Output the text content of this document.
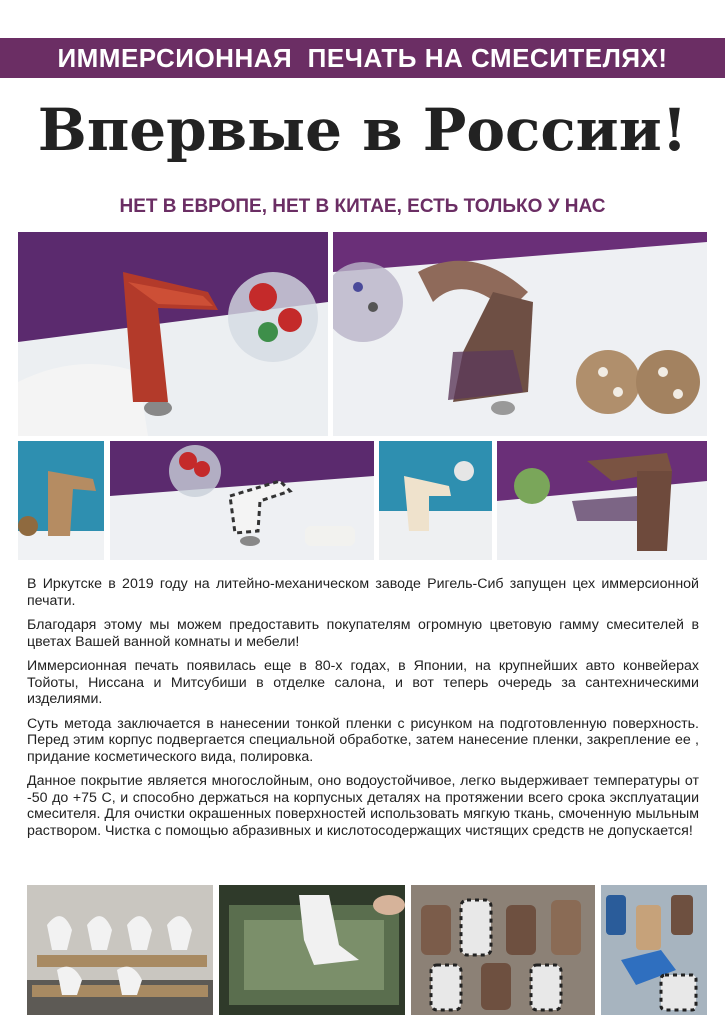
ИММЕРСИОННАЯ  ПЕЧАТЬ НА СМЕСИТЕЛЯХ!
Впервые в России!
НЕТ В ЕВРОПЕ, НЕТ В КИТАЕ, ЕСТЬ ТОЛЬКО У НАС

В Иркутске в 2019 году на литейно-механическом заводе Ригель-Сиб запущен цех иммерсионной печати.

Благодаря этому мы можем предоставить покупателям огромную цветовую гамму смесителей в цветах Вашей ванной комнаты и мебели!

Иммерсионная печать появилась еще в 80-х годах, в Японии, на крупнейших авто конвейерах Тойоты, Ниссана и Митсубиши в отделке салона, и вот теперь очередь за сантехническими изделиями.

Суть метода заключается в нанесении тонкой пленки с рисунком на подготовленную поверхность. Перед этим корпус подвергается специальной обработке, затем нанесение пленки, закрепление ее , придание косметического вида, полировка.

Данное покрытие является многослойным, оно водоустойчивое, легко выдерживает температуры от -50 до +75 С, и способно держаться на корпусных деталях на протяжении всего срока эксплуатации смесителя. Для очистки окрашенных поверхностей использовать мягкую ткань, смоченную мыльным раствором. Чистка с помощью абразивных и кислотосодержащих чистящих средств не допускается!
